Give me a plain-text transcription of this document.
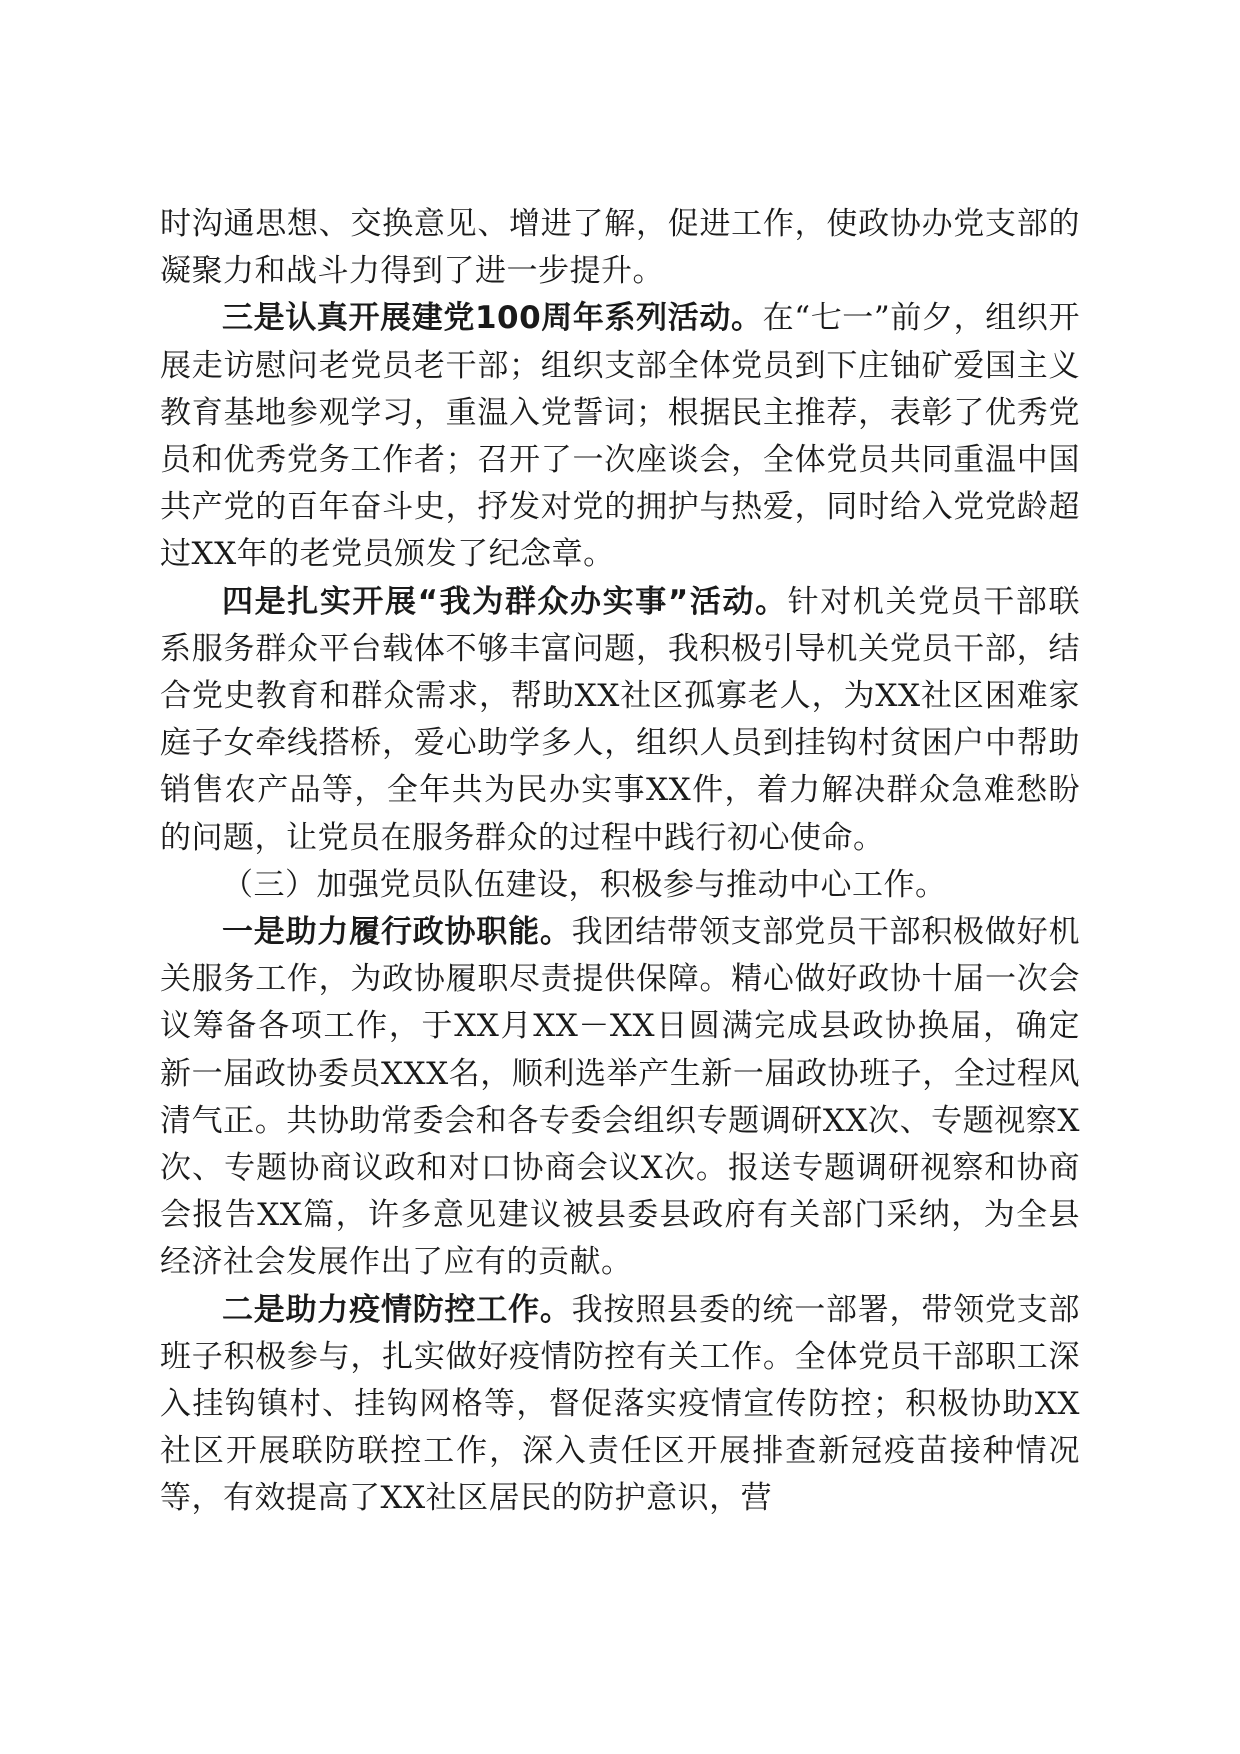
时沟通思想、交换意见、增进了解，促进工作，使政协办党支部的凝聚力和战斗力得到了进一步提升。

三是认真开展建党100周年系列活动。在“七一”前夕，组织开展走访慰问老党员老干部；组织支部全体党员到下庄铀矿爱国主义教育基地参观学习，重温入党誓词；根据民主推荐，表彰了优秀党员和优秀党务工作者；召开了一次座谈会，全体党员共同重温中国共产党的百年奋斗史，抒发对党的拥护与热爱，同时给入党党龄超过XX年的老党员颁发了纪念章。

四是扎实开展“我为群众办实事”活动。针对机关党员干部联系服务群众平台载体不够丰富问题，我积极引导机关党员干部，结合党史教育和群众需求，帮助XX社区孤寡老人，为XX社区困难家庭子女牵线搭桥，爱心助学多人，组织人员到挂钩村贫困户中帮助销售农产品等，全年共为民办实事XX件，着力解决群众急难愁盼的问题，让党员在服务群众的过程中践行初心使命。

（三）加强党员队伍建设，积极参与推动中心工作。

一是助力履行政协职能。我团结带领支部党员干部积极做好机关服务工作，为政协履职尽责提供保障。精心做好政协十届一次会议筹备各项工作，于XX月XX－XX日圆满完成县政协换届，确定新一届政协委员XXX名，顺利选举产生新一届政协班子，全过程风清气正。共协助常委会和各专委会组织专题调研XX次、专题视察X次、专题协商议政和对口协商会议X次。报送专题调研视察和协商会报告XX篇，许多意见建议被县委县政府有关部门采纳，为全县经济社会发展作出了应有的贡献。

二是助力疫情防控工作。我按照县委的统一部署，带领党支部班子积极参与，扎实做好疫情防控有关工作。全体党员干部职工深入挂钩镇村、挂钩网格等，督促落实疫情宣传防控；积极协助XX社区开展联防联控工作，深入责任区开展排查新冠疫苗接种情况等，有效提高了XX社区居民的防护意识，营
